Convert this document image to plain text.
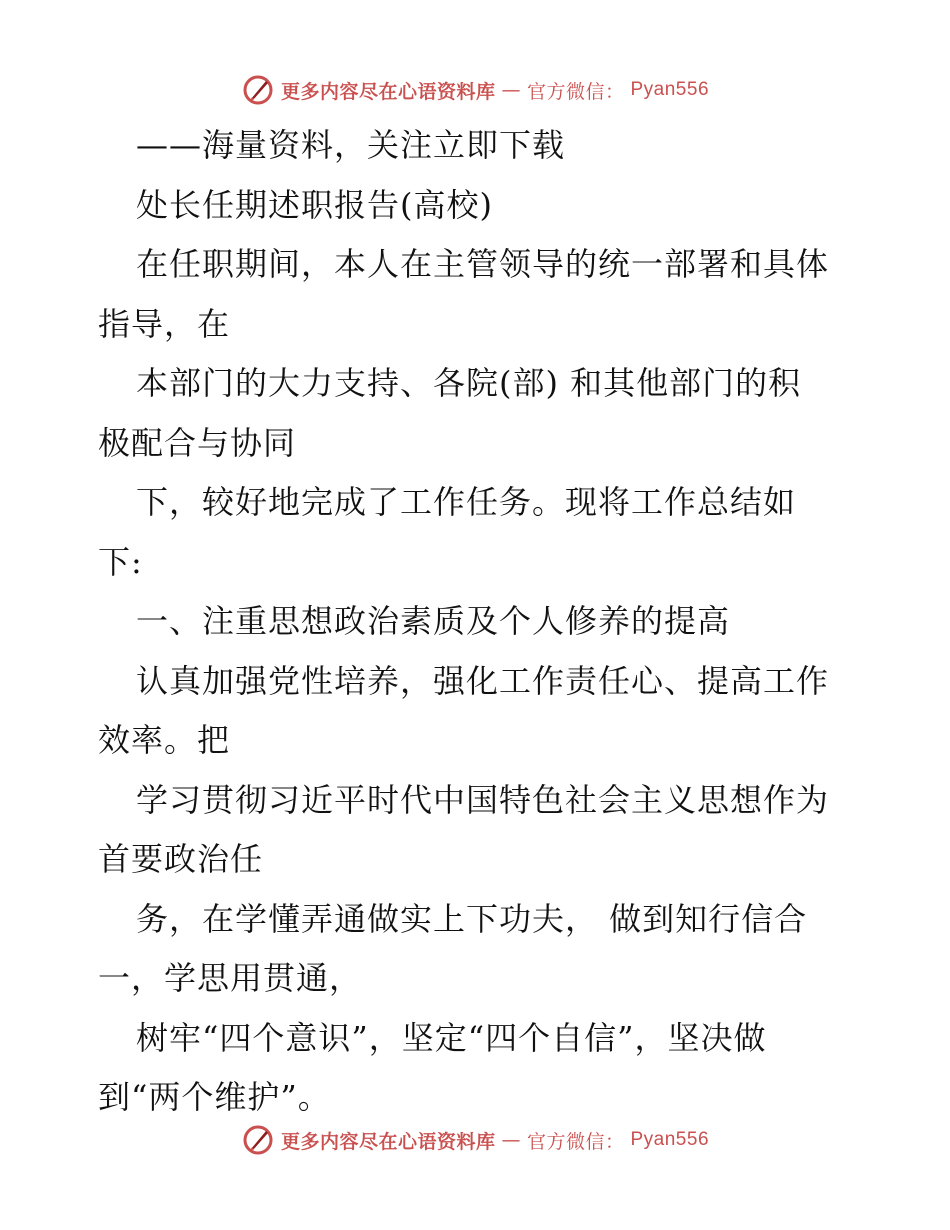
更多内容尽在心语资料库 — 官方微信： Pyan556
——海量资料，关注立即下载
处长任期述职报告(高校)
在任职期间，本人在主管领导的统一部署和具体
指导，在
本部门的大力支持、各院(部) 和其他部门的积
极配合与协同
下，较好地完成了工作任务。现将工作总结如
下:
一、注重思想政治素质及个人修养的提高
认真加强党性培养，强化工作责任心、提高工作
效率。把
学习贯彻习近平时代中国特色社会主义思想作为
首要政治任
务，在学懂弄通做实上下功夫， 做到知行信合
一，学思用贯通，
树牢“四个意识”，坚定“四个自信”，坚决做
到“两个维护”。
更多内容尽在心语资料库 — 官方微信： Pyan556
